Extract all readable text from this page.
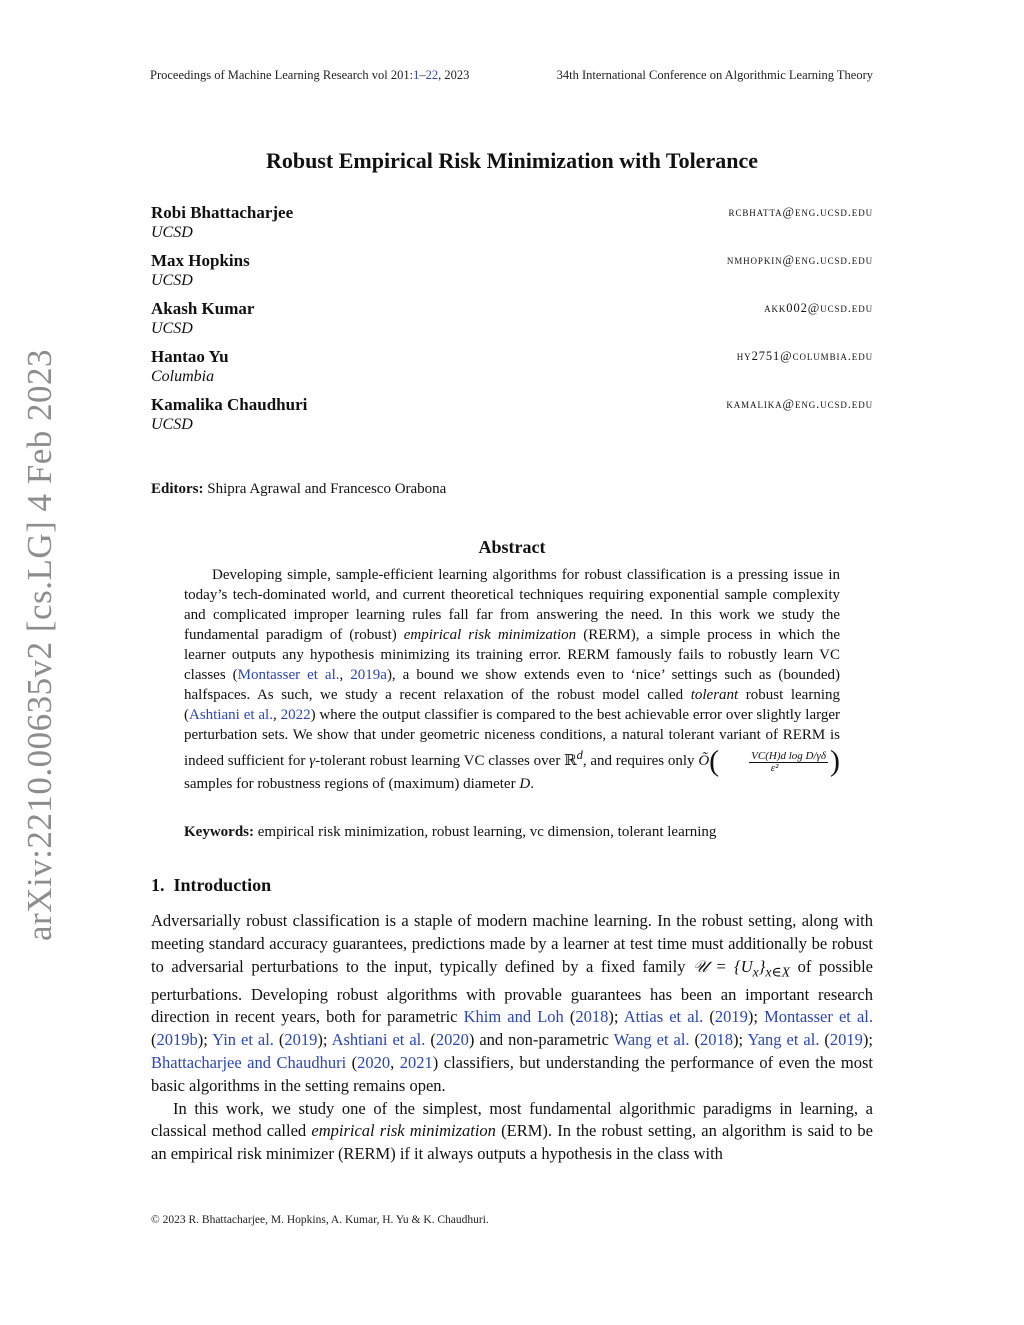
Proceedings of Machine Learning Research vol 201:1–22, 2023	34th International Conference on Algorithmic Learning Theory
arXiv:2210.00635v2 [cs.LG] 4 Feb 2023
Robust Empirical Risk Minimization with Tolerance
Robi Bhattacharjee
UCSD
rcbhatta@eng.ucsd.edu
Max Hopkins
UCSD
nmhopkin@eng.ucsd.edu
Akash Kumar
UCSD
akk002@ucsd.edu
Hantao Yu
Columbia
hy2751@columbia.edu
Kamalika Chaudhuri
UCSD
kamalika@eng.ucsd.edu
Editors: Shipra Agrawal and Francesco Orabona
Abstract

Developing simple, sample-efficient learning algorithms for robust classification is a pressing issue in today’s tech-dominated world, and current theoretical techniques requiring exponential sample complexity and complicated improper learning rules fall far from answering the need. In this work we study the fundamental paradigm of (robust) empirical risk minimization (RERM), a simple process in which the learner outputs any hypothesis minimizing its training error. RERM famously fails to robustly learn VC classes (Montasser et al., 2019a), a bound we show extends even to ‘nice’ settings such as (bounded) halfspaces. As such, we study a recent relaxation of the robust model called tolerant robust learning (Ashtiani et al., 2022) where the output classifier is compared to the best achievable error over slightly larger perturbation sets. We show that under geometric niceness conditions, a natural tolerant variant of RERM is indeed sufficient for γ-tolerant robust learning VC classes over ℝ$^d$, and requires only Õ( $\frac{\text{VC(H)d log D/γδ}}{\text{ε²}}$) samples for robustness regions of (maximum) diameter D.

Keywords: empirical risk minimization, robust learning, vc dimension, tolerant learning
1. Introduction

Adversarially robust classification is a staple of modern machine learning. In the robust setting, along with meeting standard accuracy guarantees, predictions made by a learner at test time must additionally be robust to adversarial perturbations to the input, typically defined by a fixed family 𝒰 = $\{U_x\}_{x\in X}$ of possible perturbations. Developing robust algorithms with provable guarantees has been an important research direction in recent years, both for parametric Khim and Loh (2018); Attias et al. (2019); Montasser et al. (2019b); Yin et al. (2019); Ashtiani et al. (2020) and non-parametric Wang et al. (2018); Yang et al. (2019); Bhattacharjee and Chaudhuri (2020, 2021) classifiers, but understanding the performance of even the most basic algorithms in the setting remains open.

In this work, we study one of the simplest, most fundamental algorithmic paradigms in learning, a classical method called empirical risk minimization (ERM). In the robust setting, an algorithm is said to be an empirical risk minimizer (RERM) if it always outputs a hypothesis in the class with

© 2023 R. Bhattacharjee, M. Hopkins, A. Kumar, H. Yu & K. Chaudhuri.
